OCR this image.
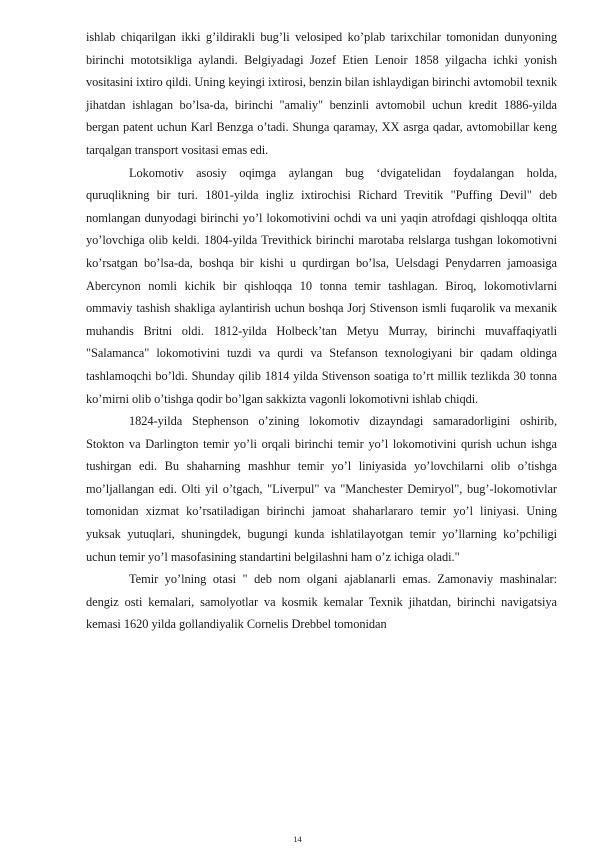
ishlab chiqarilgan ikki g’ildirakli bug’li velosiped ko’plab tarixchilar tomonidan dunyoning birinchi mototsikliga aylandi. Belgiyadagi Jozef Etien Lenoir 1858 yilgacha ichki yonish vositasini ixtiro qildi. Uning keyingi ixtirosi, benzin bilan ishlaydigan birinchi avtomobil texnik jihatdan ishlagan bo’lsa-da, birinchi "amaliy" benzinli avtomobil uchun kredit 1886-yilda bergan patent uchun Karl Benzga o’tadi. Shunga qaramay, XX asrga qadar, avtomobillar keng tarqalgan transport vositasi emas edi.

Lokomotiv asosiy oqimga aylangan bug ‘dvigatelidan foydalangan holda, quruqlikning bir turi. 1801-yilda ingliz ixtirochisi Richard Trevitik "Puffing Devil" deb nomlangan dunyodagi birinchi yo’l lokomotivini ochdi va uni yaqin atrofdagi qishloqqa oltita yo’lovchiga olib keldi. 1804-yilda Trevithick birinchi marotaba relslarga tushgan lokomotivni ko’rsatgan bo’lsa-da, boshqa bir kishi u qurdirgan bo’lsa, Uelsdagi Penydarren jamoasiga Abercynon nomli kichik bir qishloqqa 10 tonna temir tashlagan. Biroq, lokomotivlarni ommaviy tashish shakliga aylantirish uchun boshqa Jorj Stivenson ismli fuqarolik va mexanik muhandis Britni oldi. 1812-yilda Holbeck’tan Metyu Murray, birinchi muvaffaqiyatli "Salamanca" lokomotivini tuzdi va qurdi va Stefanson texnologiyani bir qadam oldinga tashlamoqchi bo’ldi. Shunday qilib 1814 yilda Stivenson soatiga to’rt millik tezlikda 30 tonna ko’mirni olib o’tishga qodir bo’lgan sakkizta vagonli lokomotivni ishlab chiqdi.

1824-yilda Stephenson o’zining lokomotiv dizayndagi samaradorligini oshirib, Stokton va Darlington temir yo’li orqali birinchi temir yo’l lokomotivini qurish uchun ishga tushirgan edi. Bu shaharning mashhur temir yo’l liniyasida yo’lovchilarni olib o’tishga mo’ljallangan edi. Olti yil o’tgach, "Liverpul" va "Manchester Demiryol", bug’-lokomotivlar tomonidan xizmat ko’rsatiladigan birinchi jamoat shaharlararo temir yo’l liniyasi. Uning yuksak yutuqlari, shuningdek, bugungi kunda ishlatilayotgan temir yo’llarning ko’pchiligi uchun temir yo’l masofasining standartini belgilashni ham o’z ichiga oladi."

Temir yo’lning otasi " deb nom olgani ajablanarli emas. Zamonaviy mashinalar: dengiz osti kemalari, samolyotlar va kosmik kemalar Texnik jihatdan, birinchi navigatsiya kemasi 1620 yilda gollandiyalik Cornelis Drebbel tomonidan

14
